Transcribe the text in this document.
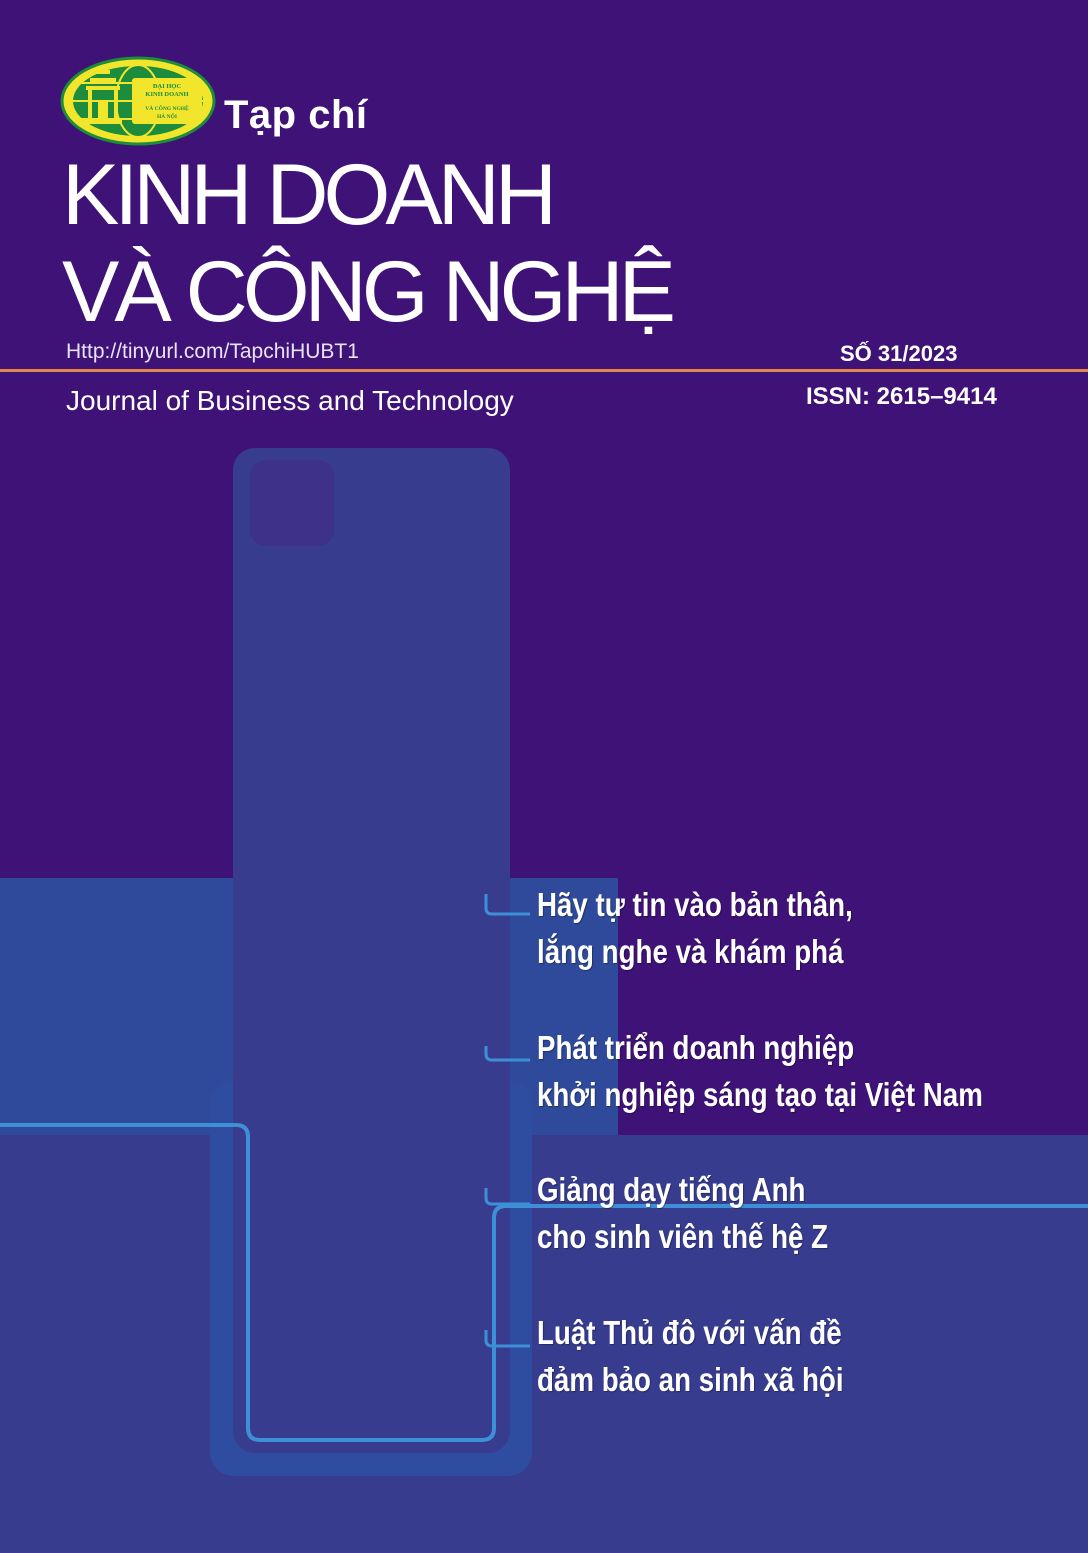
ĐẠI HỌC
KINH DOANH
VÀ CÔNG NGHỆ
HÀ NỘI Tạp chí
KINH DOANH
VÀ CÔNG NGHỆ
Http://tinyurl.com/TapchiHUBT1	SỐ 31/2023
Journal of Business and Technology	ISSN: 2615–9414
Hãy tự tin vào bản thân,
lắng nghe và khám phá
Phát triển doanh nghiệp
khởi nghiệp sáng tạo tại Việt Nam
Giảng dạy tiếng Anh
cho sinh viên thế hệ Z
Luật Thủ đô với vấn đề
đảm bảo an sinh xã hội
